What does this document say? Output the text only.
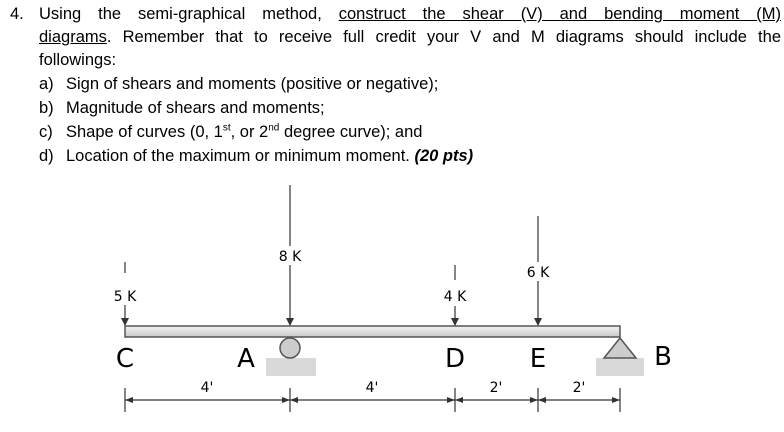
4. Using the semi-graphical method, construct the shear (V) and bending moment (M)
diagrams. Remember that to receive full credit your V and M diagrams should include the
followings:
a) Sign of shears and moments (positive or negative);
b) Magnitude of shears and moments;
c) Shape of curves (0, 1st, or 2nd degree curve); and
d) Location of the maximum or minimum moment. (20 pts)
5 K
8 K
4 K
6 K
C	A	D E	B
4'	4'	2'	2'
